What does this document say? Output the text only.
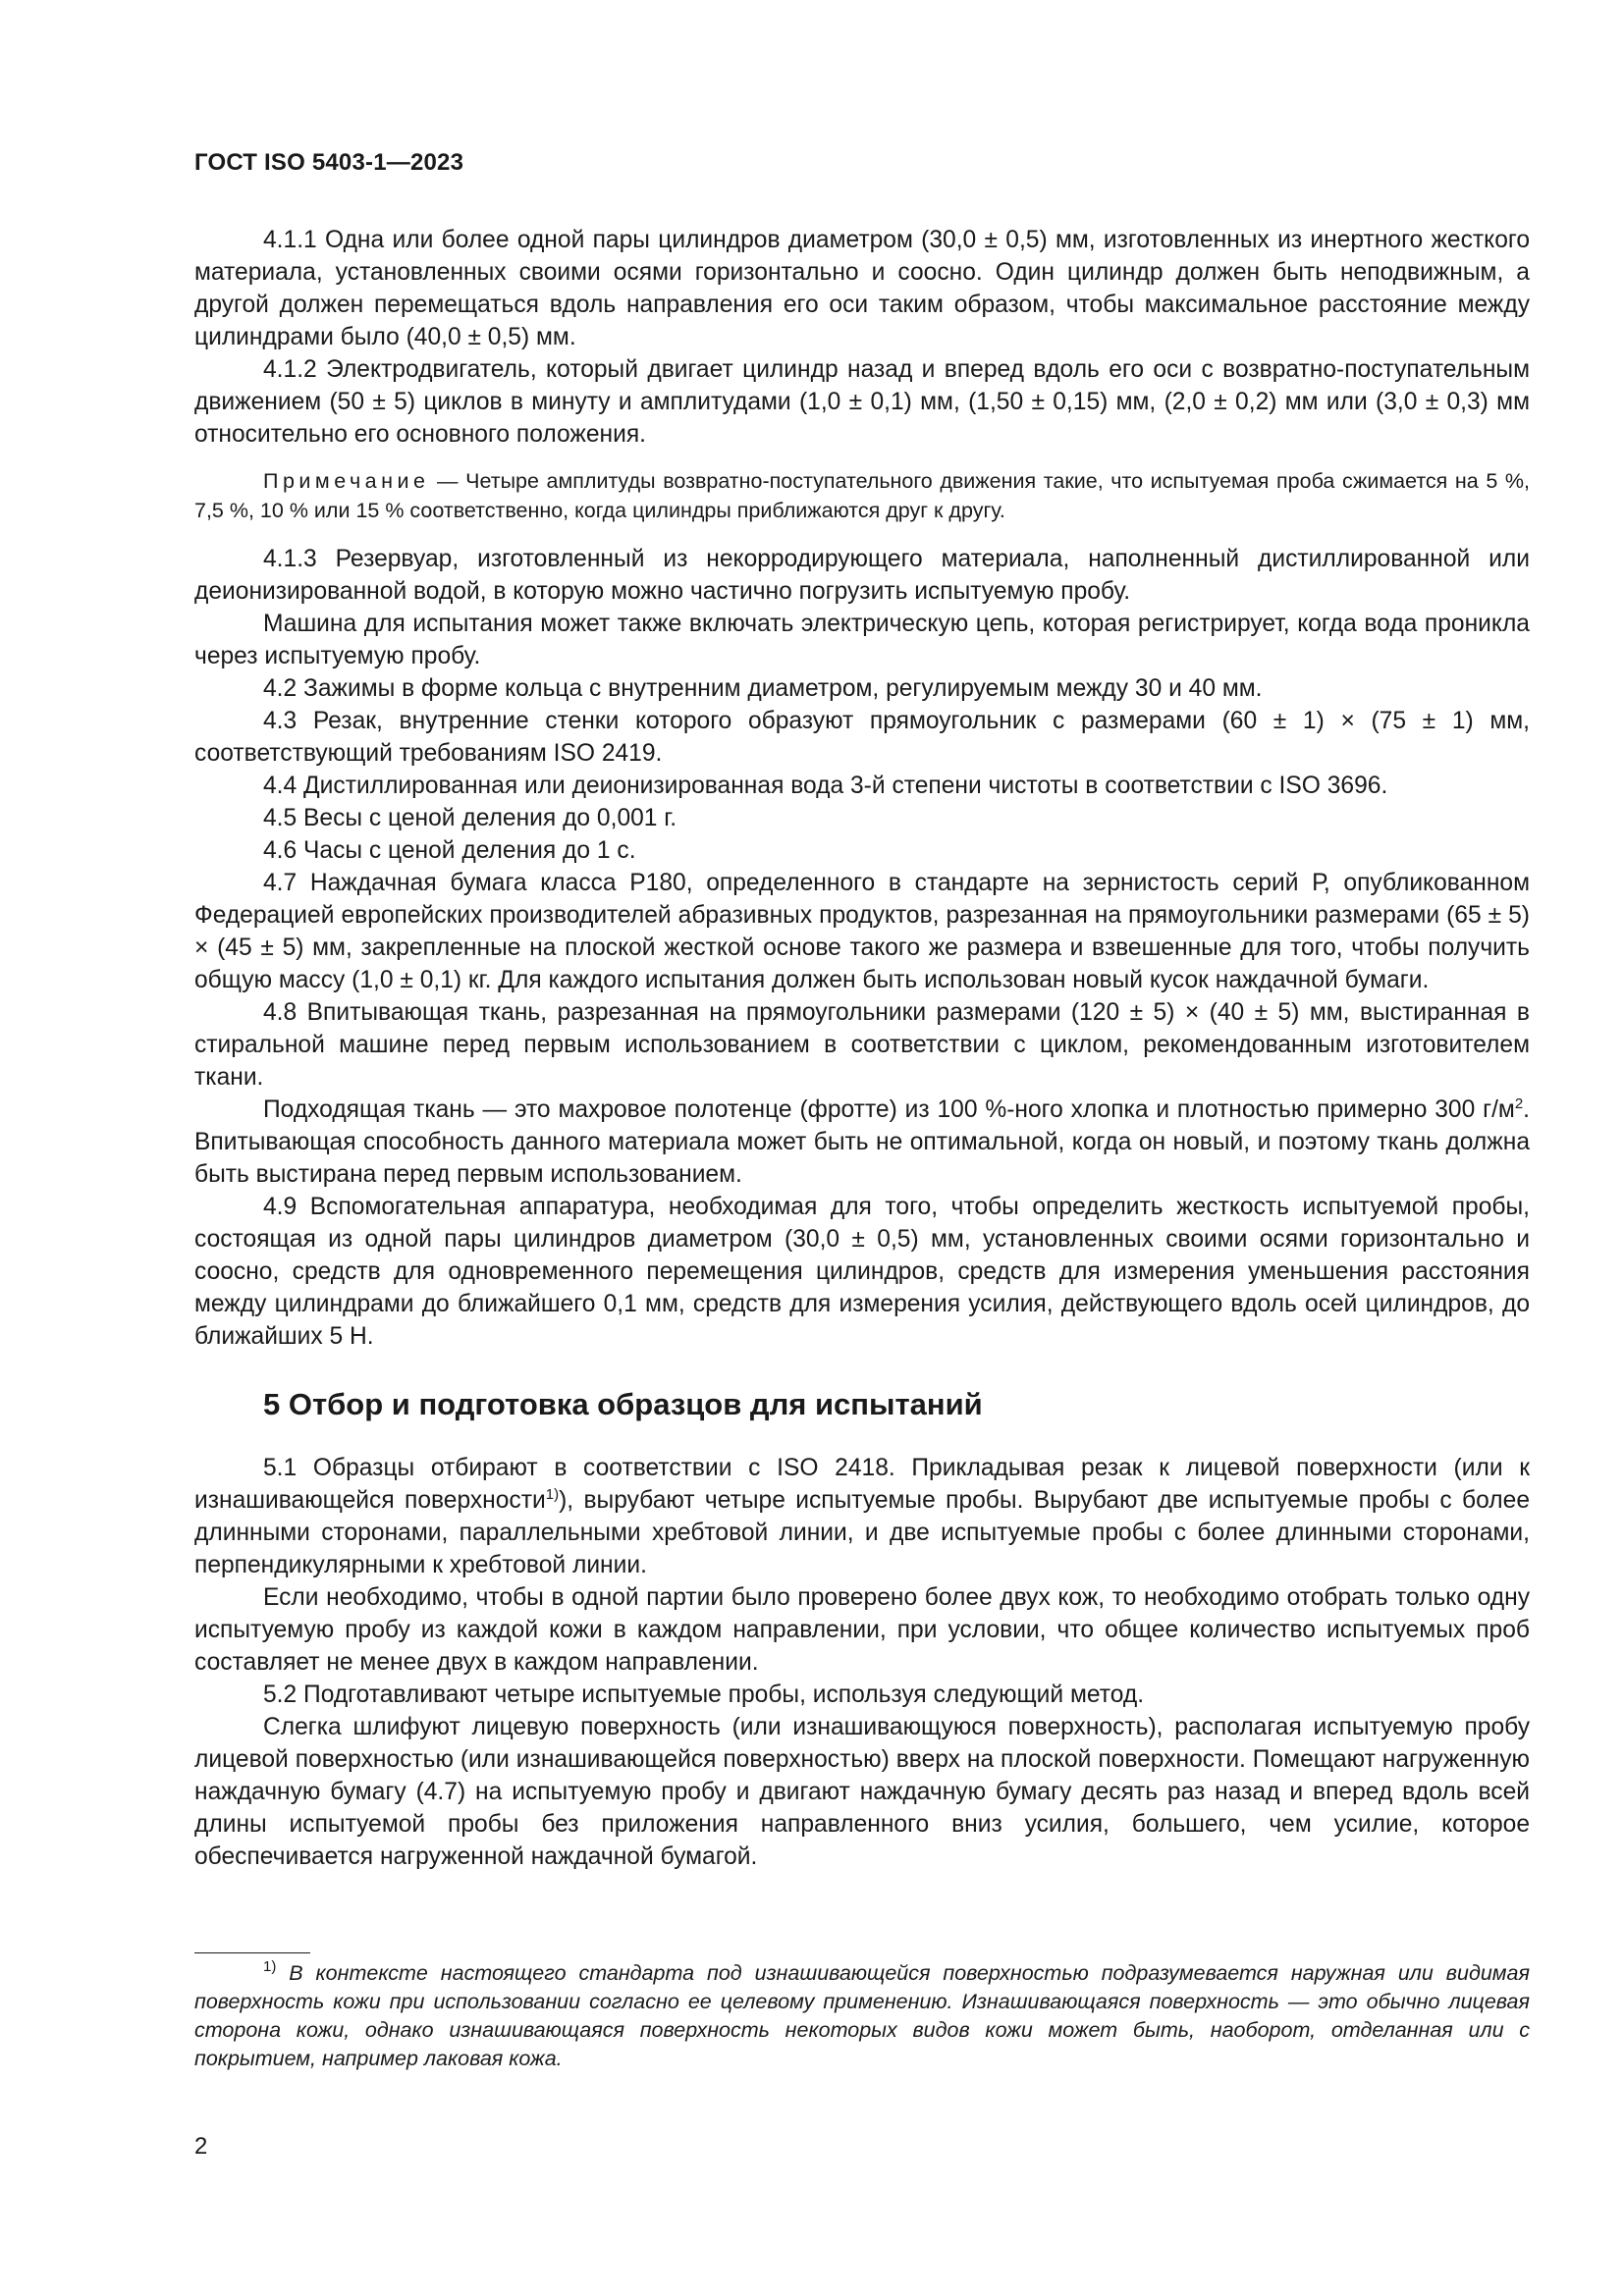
ГОСТ ISO 5403-1—2023

4.1.1 Одна или более одной пары цилиндров диаметром (30,0 ± 0,5) мм, изготовленных из инертного жесткого материала, установленных своими осями горизонтально и соосно. Один цилиндр должен быть неподвижным, а другой должен перемещаться вдоль направления его оси таким образом, чтобы максимальное расстояние между цилиндрами было (40,0 ± 0,5) мм.

4.1.2 Электродвигатель, который двигает цилиндр назад и вперед вдоль его оси с возвратно-поступательным движением (50 ± 5) циклов в минуту и амплитудами (1,0 ± 0,1) мм, (1,50 ± 0,15) мм, (2,0 ± 0,2) мм или (3,0 ± 0,3) мм относительно его основного положения.

Примечание — Четыре амплитуды возвратно-поступательного движения такие, что испытуемая проба сжимается на 5 %, 7,5 %, 10 % или 15 % соответственно, когда цилиндры приближаются друг к другу.

4.1.3 Резервуар, изготовленный из некорродирующего материала, наполненный дистиллированной или деионизированной водой, в которую можно частично погрузить испытуемую пробу.

Машина для испытания может также включать электрическую цепь, которая регистрирует, когда вода проникла через испытуемую пробу.

4.2 Зажимы в форме кольца с внутренним диаметром, регулируемым между 30 и 40 мм.

4.3 Резак, внутренние стенки которого образуют прямоугольник с размерами (60 ± 1) × (75 ± 1) мм, соответствующий требованиям ISO 2419.

4.4 Дистиллированная или деионизированная вода 3-й степени чистоты в соответствии с ISO 3696.

4.5 Весы с ценой деления до 0,001 г.

4.6 Часы с ценой деления до 1 с.

4.7 Наждачная бумага класса Р180, определенного в стандарте на зернистость серий Р, опубликованном Федерацией европейских производителей абразивных продуктов, разрезанная на прямоугольники размерами (65 ± 5) × (45 ± 5) мм, закрепленные на плоской жесткой основе такого же размера и взвешенные для того, чтобы получить общую массу (1,0 ± 0,1) кг. Для каждого испытания должен быть использован новый кусок наждачной бумаги.

4.8 Впитывающая ткань, разрезанная на прямоугольники размерами (120 ± 5) × (40 ± 5) мм, выстиранная в стиральной машине перед первым использованием в соответствии с циклом, рекомендованным изготовителем ткани.

Подходящая ткань — это махровое полотенце (фротте) из 100 %-ного хлопка и плотностью примерно 300 $г/м^2$. Впитывающая способность данного материала может быть не оптимальной, когда он новый, и поэтому ткань должна быть выстирана перед первым использованием.

4.9 Вспомогательная аппаратура, необходимая для того, чтобы определить жесткость испытуемой пробы, состоящая из одной пары цилиндров диаметром (30,0 ± 0,5) мм, установленных своими осями горизонтально и соосно, средств для одновременного перемещения цилиндров, средств для измерения уменьшения расстояния между цилиндрами до ближайшего 0,1 мм, средств для измерения усилия, действующего вдоль осей цилиндров, до ближайших 5 Н.

5 Отбор и подготовка образцов для испытаний

5.1 Образцы отбирают в соответствии с ISO 2418. Прикладывая резак к лицевой поверхности (или к изнашивающейся поверхности$^{1)}$), вырубают четыре испытуемые пробы. Вырубают две испытуемые пробы с более длинными сторонами, параллельными хребтовой линии, и две испытуемые пробы с более длинными сторонами, перпендикулярными к хребтовой линии.

Если необходимо, чтобы в одной партии было проверено более двух кож, то необходимо отобрать только одну испытуемую пробу из каждой кожи в каждом направлении, при условии, что общее количество испытуемых проб составляет не менее двух в каждом направлении.

5.2 Подготавливают четыре испытуемые пробы, используя следующий метод.

Слегка шлифуют лицевую поверхность (или изнашивающуюся поверхность), располагая испытуемую пробу лицевой поверхностью (или изнашивающейся поверхностью) вверх на плоской поверхности. Помещают нагруженную наждачную бумагу (4.7) на испытуемую пробу и двигают наждачную бумагу десять раз назад и вперед вдоль всей длины испытуемой пробы без приложения направленного вниз усилия, большего, чем усилие, которое обеспечивается нагруженной наждачной бумагой.

$^{1)}$ В контексте настоящего стандарта под изнашивающейся поверхностью подразумевается наружная или видимая поверхность кожи при использовании согласно ее целевому применению. Изнашивающаяся поверхность — это обычно лицевая сторона кожи, однако изнашивающаяся поверхность некоторых видов кожи может быть, наоборот, отделанная или с покрытием, например лаковая кожа.

2
